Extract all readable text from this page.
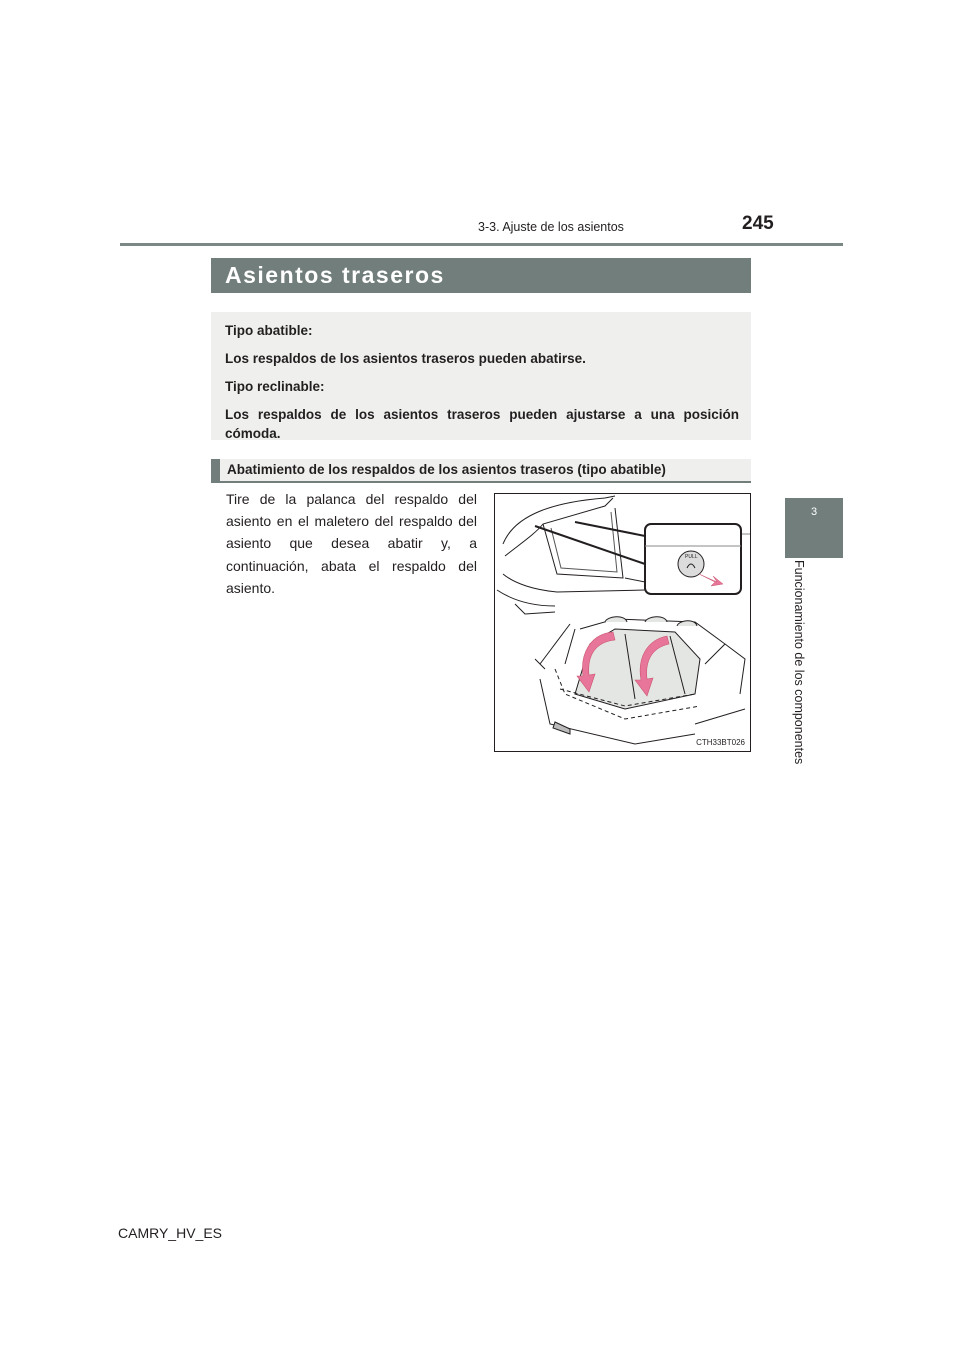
3-3. Ajuste de los asientos	245
3
Funcionamiento de los componentes
Asientos traseros

Tipo abatible:

Los respaldos de los asientos traseros pueden abatirse.

Tipo reclinable:

Los respaldos de los asientos traseros pueden ajustarse a una posición cómoda.

Abatimiento de los respaldos de los asientos traseros (tipo abatible)
Tire de la palanca del respaldo del asiento en el maletero del respaldo del asiento que desea abatir y, a continuación, abata el respaldo del asiento.
PULL
CTH33BT026
CAMRY_HV_ES
